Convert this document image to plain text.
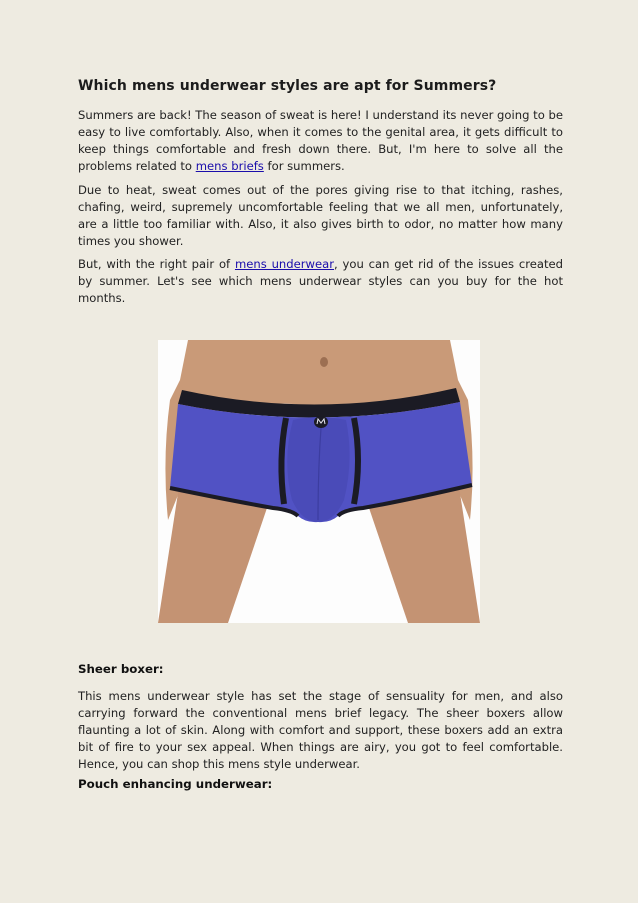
Which mens underwear styles are apt for Summers?

Summers are back! The season of sweat is here! I understand its never going to be easy to live comfortably. Also, when it comes to the genital area, it gets difficult to keep things comfortable and fresh down there. But, I'm here to solve all the problems related to mens briefs for summers.

Due to heat, sweat comes out of the pores giving rise to that itching, rashes, chafing, weird, supremely uncomfortable feeling that we all men, unfortunately, are a little too familiar with. Also, it also gives birth to odor, no matter how many times you shower.

But, with the right pair of mens underwear, you can get rid of the issues created by summer. Let's see which mens underwear styles can you buy for the hot months.

Sheer boxer:

This mens underwear style has set the stage of sensuality for men, and also carrying forward the conventional mens brief legacy. The sheer boxers allow flaunting a lot of skin. Along with comfort and support, these boxers add an extra bit of fire to your sex appeal. When things are airy, you got to feel comfortable. Hence, you can shop this mens style underwear.

Pouch enhancing underwear:
